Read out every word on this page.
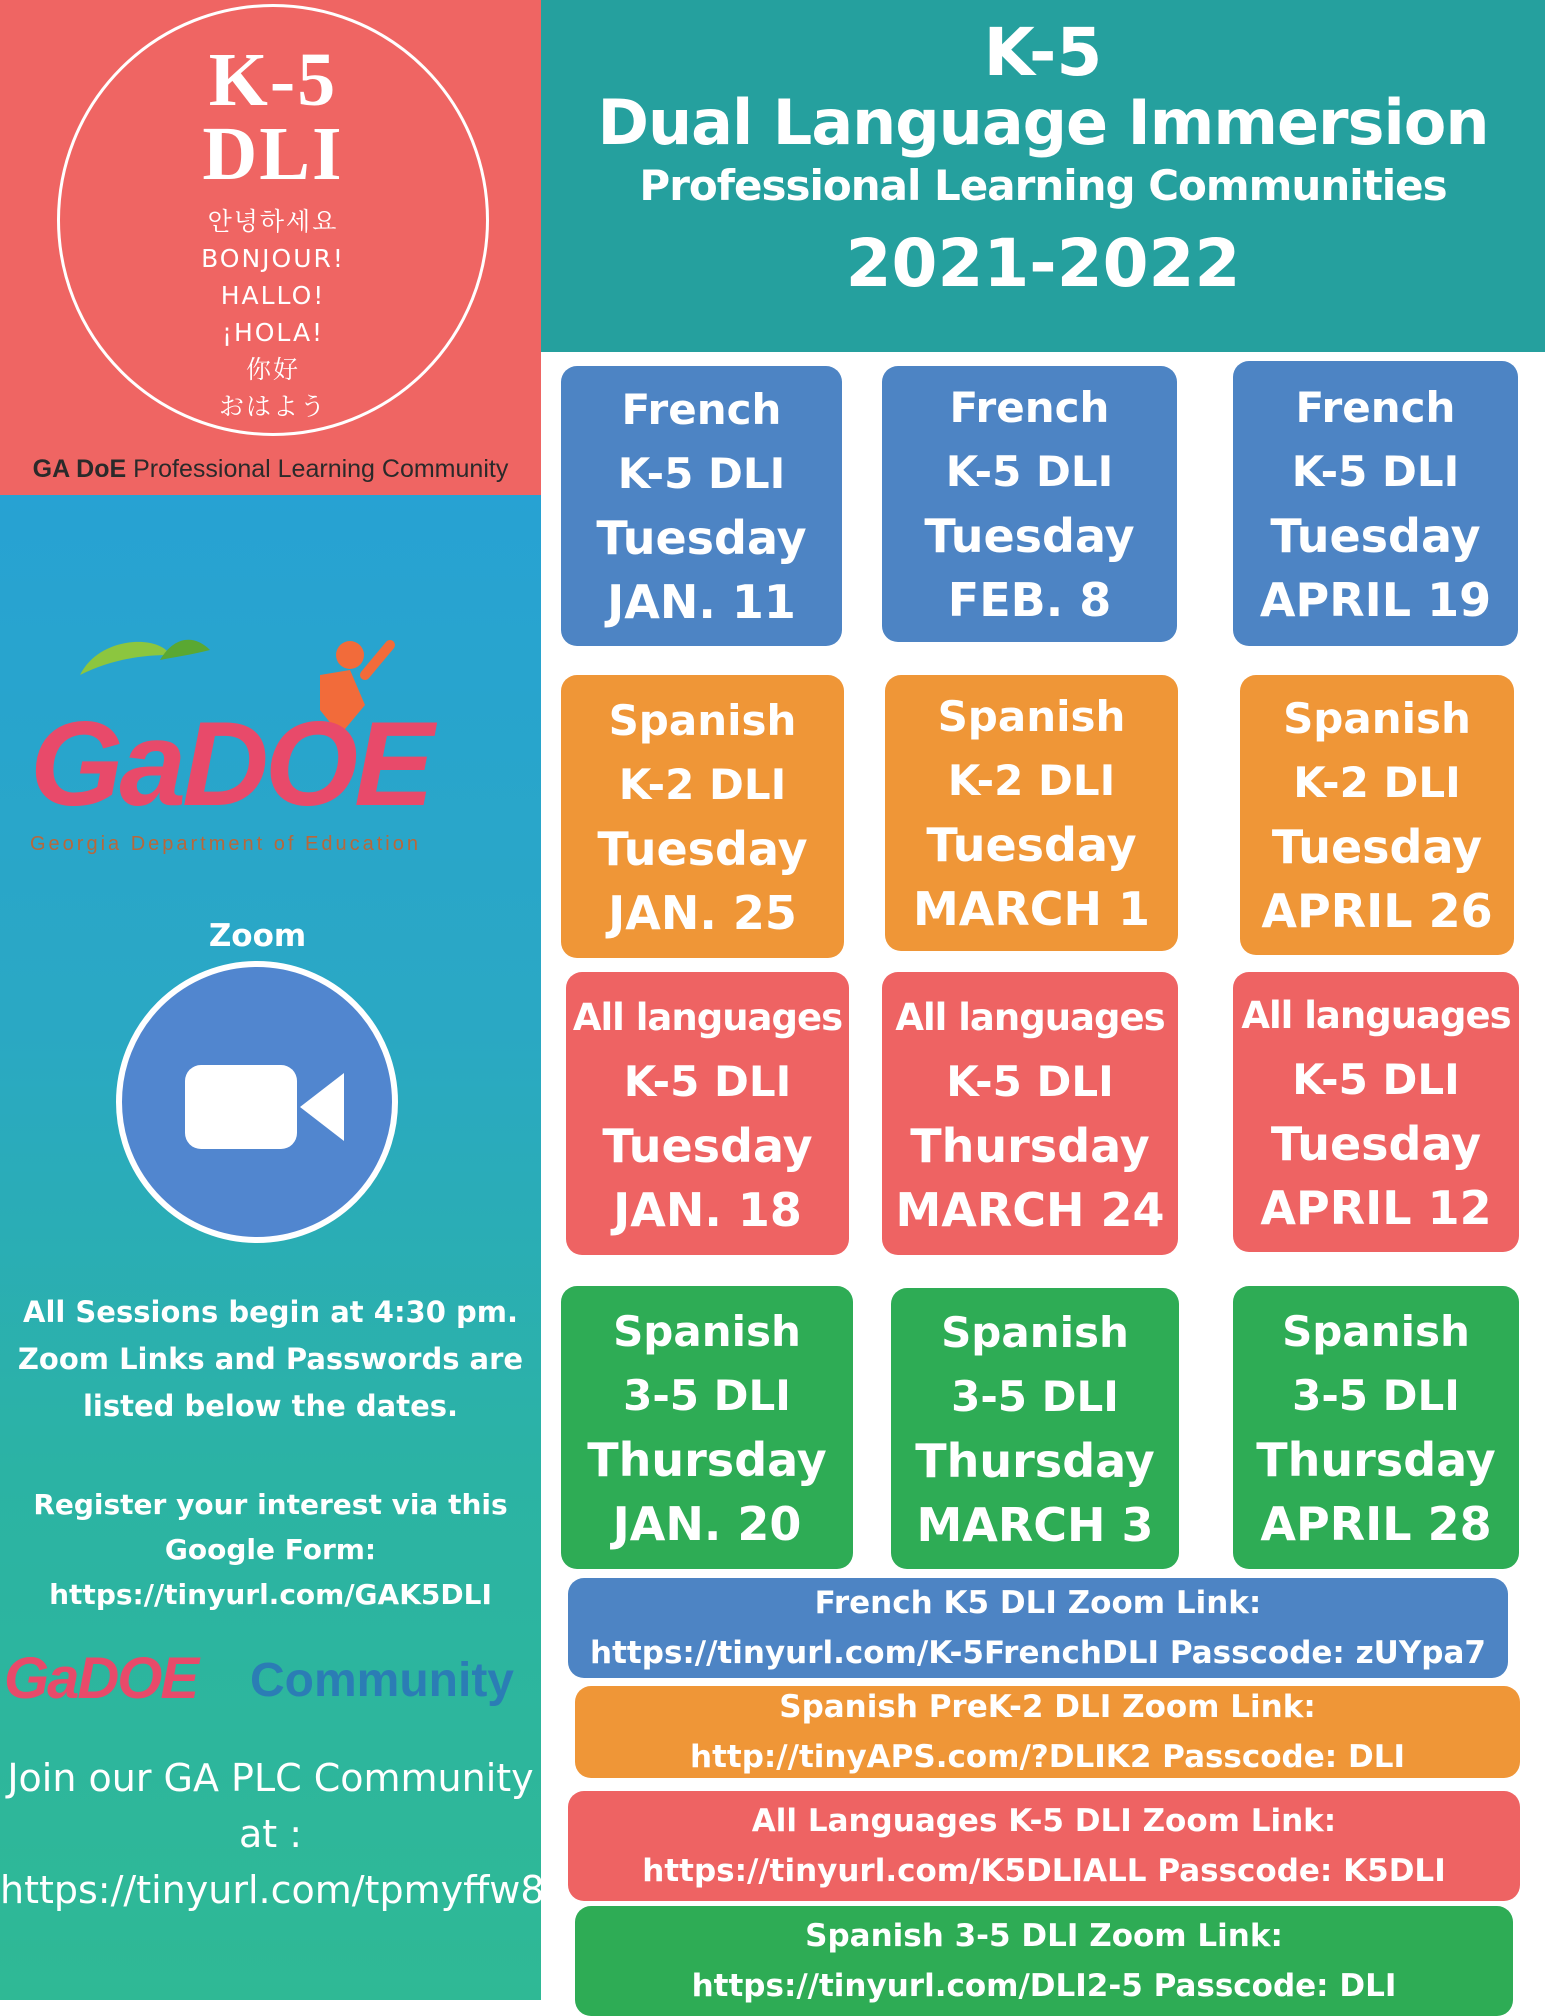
K-5
DLI
안녕하세요
BONJOUR!
HALLO!
¡HOLA!
你好
おはよう
GA DoE Professional Learning Community
GaDOE
Georgia Department of Education
Zoom
All Sessions begin at 4:30 pm.
Zoom Links and Passwords are
listed below the dates.
Register your interest via this
Google Form:
https://tinyurl.com/GAK5DLI
GaDOE Community
Join our GA PLC Community
at :
https://tinyurl.com/tpmyffw8
K-5
Dual Language Immersion
Professional Learning Communities
2021-2022
French
K-5 DLI
Tuesday
JAN. 11
French
K-5 DLI
Tuesday
FEB. 8
French
K-5 DLI
Tuesday
APRIL 19
Spanish
K-2 DLI
Tuesday
JAN. 25
Spanish
K-2 DLI
Tuesday
MARCH 1
Spanish
K-2 DLI
Tuesday
APRIL 26
All languages
K-5 DLI
Tuesday
JAN. 18
All languages
K-5 DLI
Thursday
MARCH 24
All languages
K-5 DLI
Tuesday
APRIL 12
Spanish
3-5 DLI
Thursday
JAN. 20
Spanish
3-5 DLI
Thursday
MARCH 3
Spanish
3-5 DLI
Thursday
APRIL 28
French K5 DLI Zoom Link:
https://tinyurl.com/K-5FrenchDLI Passcode: zUYpa7
Spanish PreK-2 DLI Zoom Link:
http://tinyAPS.com/?DLIK2 Passcode: DLI
All Languages K-5 DLI Zoom Link:
https://tinyurl.com/K5DLIALL Passcode: K5DLI
Spanish 3-5 DLI Zoom Link:
https://tinyurl.com/DLI2-5 Passcode: DLI
